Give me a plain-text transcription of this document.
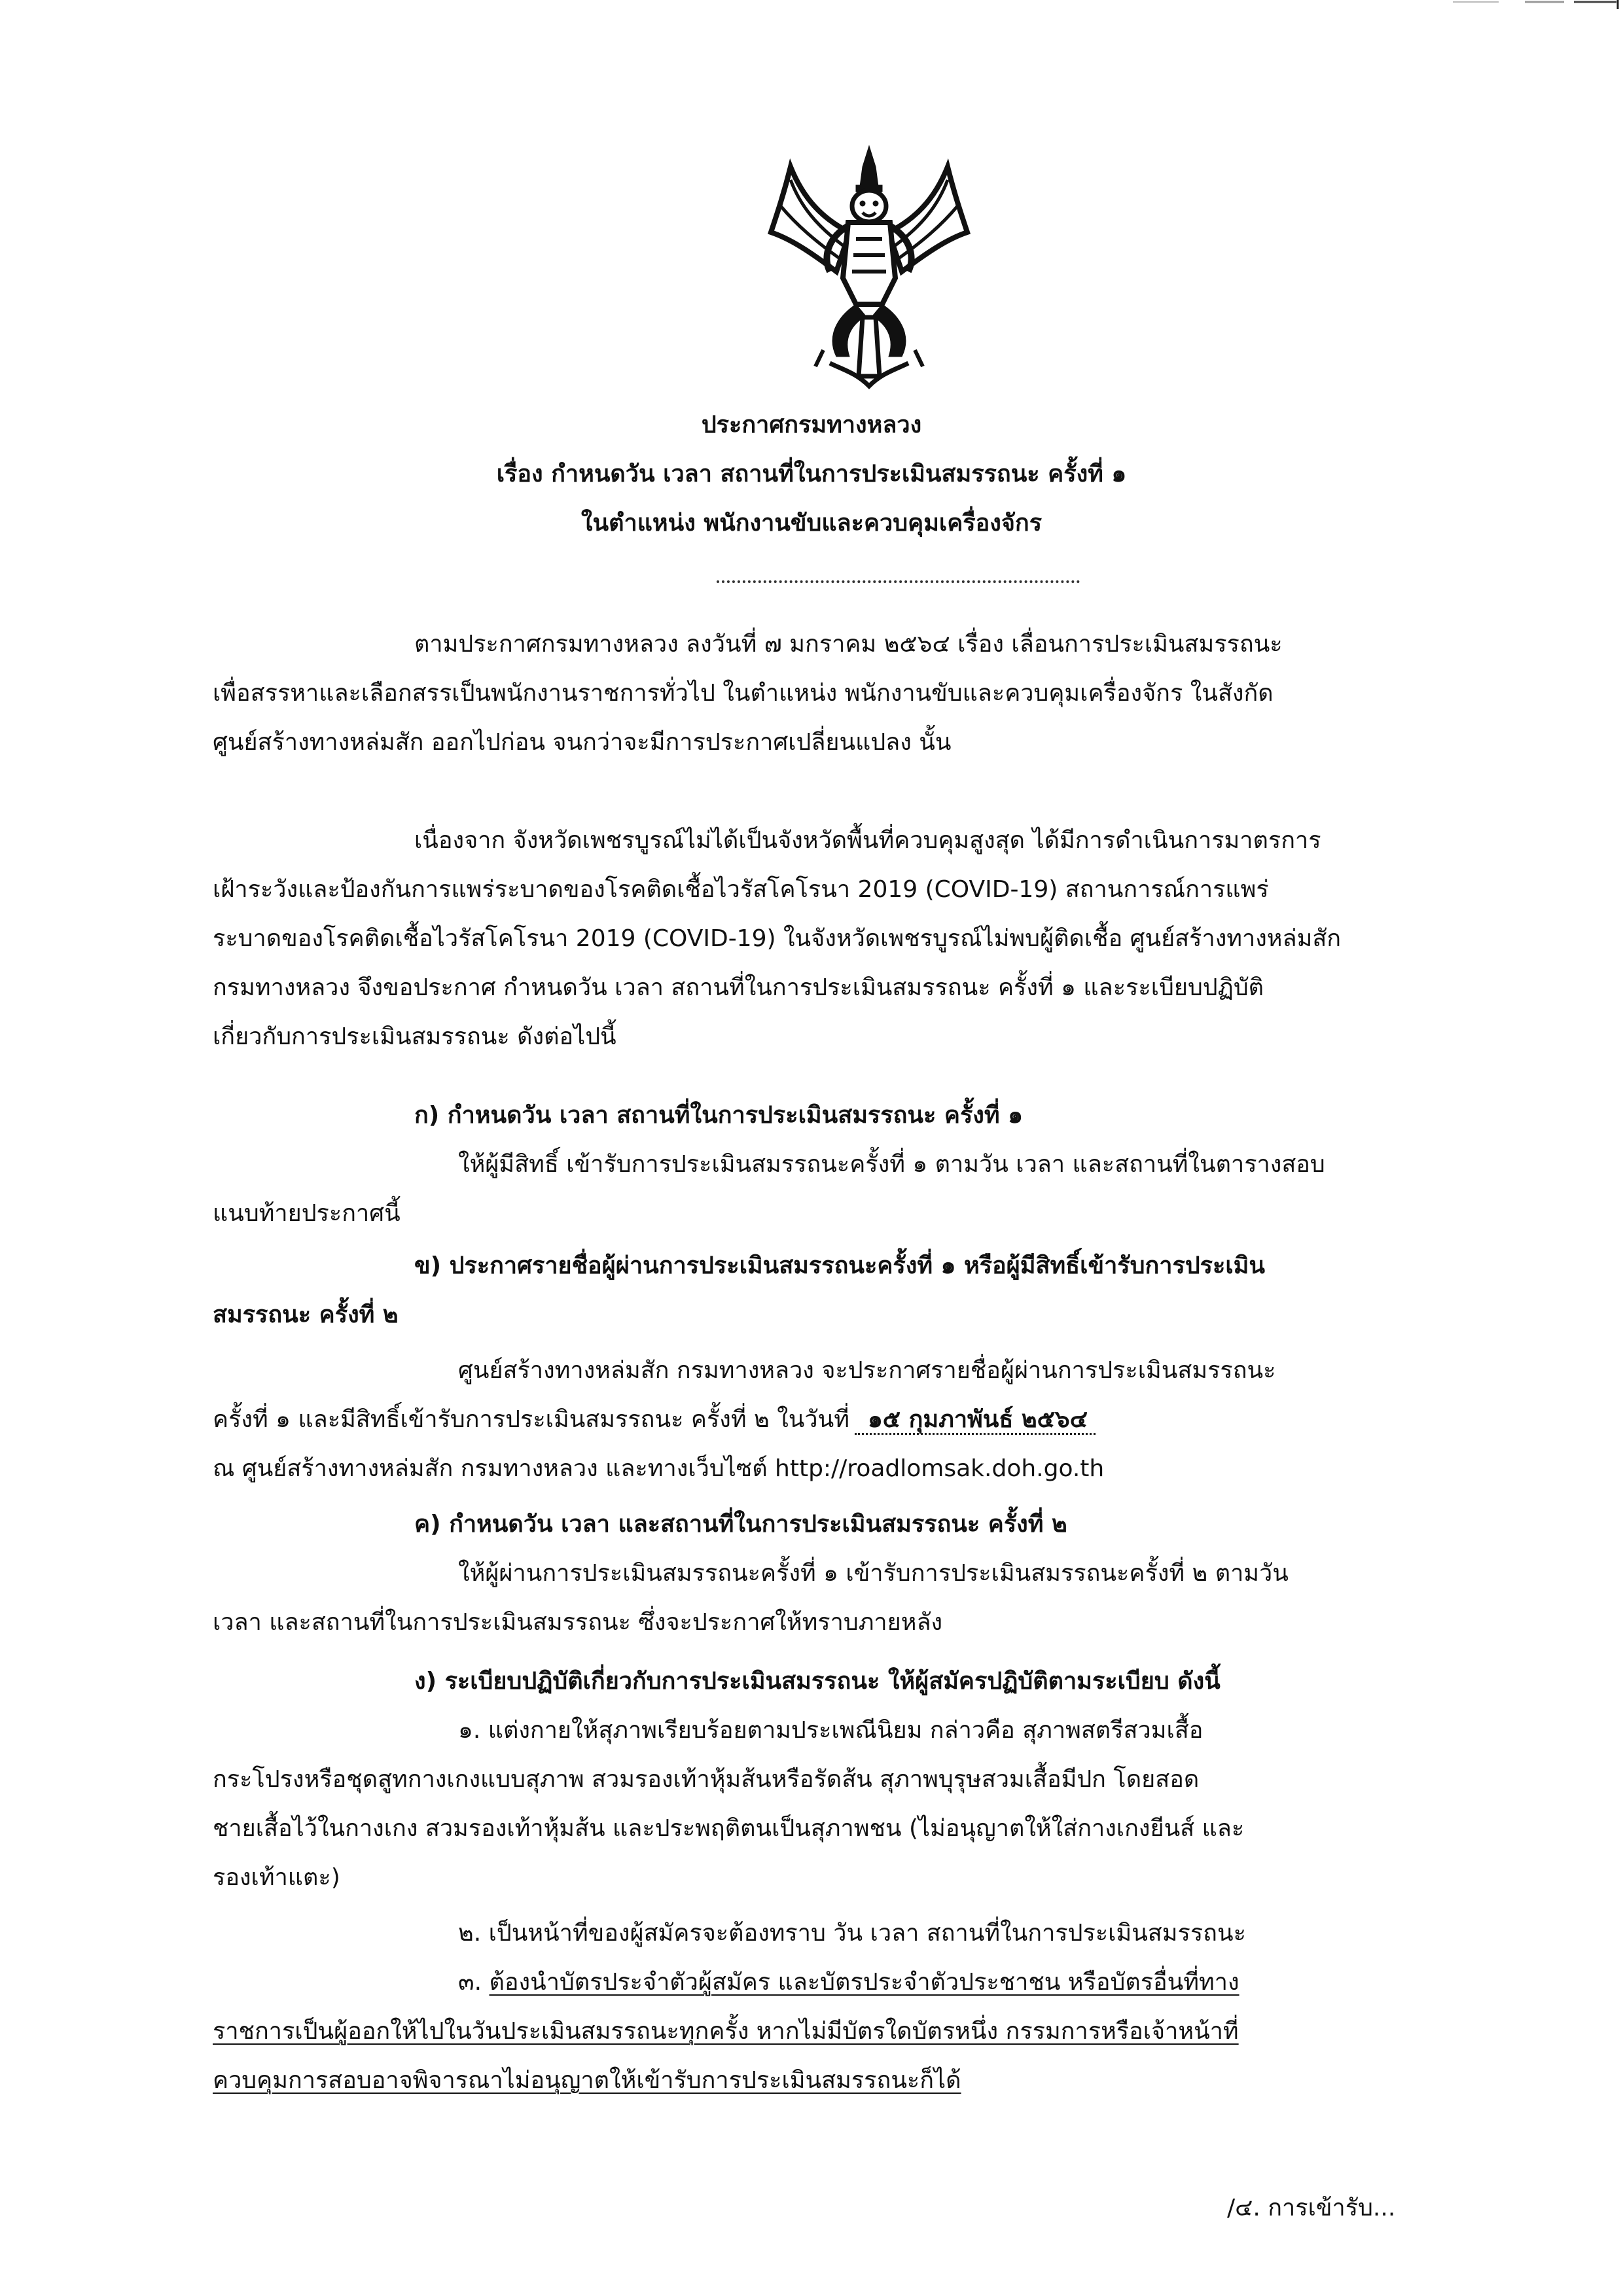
ประกาศกรมทางหลวง
เรื่อง กำหนดวัน เวลา สถานที่ในการประเมินสมรรถนะ ครั้งที่ ๑
ในตำแหน่ง พนักงานขับและควบคุมเครื่องจักร
ตามประกาศกรมทางหลวง ลงวันที่ ๗ มกราคม ๒๕๖๔ เรื่อง เลื่อนการประเมินสมรรถนะ
เพื่อสรรหาและเลือกสรรเป็นพนักงานราชการทั่วไป ในตำแหน่ง พนักงานขับและควบคุมเครื่องจักร ในสังกัด
ศูนย์สร้างทางหล่มสัก ออกไปก่อน จนกว่าจะมีการประกาศเปลี่ยนแปลง นั้น
เนื่องจาก จังหวัดเพชรบูรณ์ไม่ได้เป็นจังหวัดพื้นที่ควบคุมสูงสุด ได้มีการดำเนินการมาตรการ
เฝ้าระวังและป้องกันการแพร่ระบาดของโรคติดเชื้อไวรัสโคโรนา 2019 (COVID-19) สถานการณ์การแพร่
ระบาดของโรคติดเชื้อไวรัสโคโรนา 2019 (COVID-19) ในจังหวัดเพชรบูรณ์ไม่พบผู้ติดเชื้อ ศูนย์สร้างทางหล่มสัก
กรมทางหลวง จึงขอประกาศ กำหนดวัน เวลา สถานที่ในการประเมินสมรรถนะ ครั้งที่ ๑ และระเบียบปฏิบัติ
เกี่ยวกับการประเมินสมรรถนะ ดังต่อไปนี้
ก) กำหนดวัน เวลา สถานที่ในการประเมินสมรรถนะ ครั้งที่ ๑
ให้ผู้มีสิทธิ์ เข้ารับการประเมินสมรรถนะครั้งที่ ๑ ตามวัน เวลา และสถานที่ในตารางสอบ
แนบท้ายประกาศนี้
ข) ประกาศรายชื่อผู้ผ่านการประเมินสมรรถนะครั้งที่ ๑ หรือผู้มีสิทธิ์เข้ารับการประเมิน
สมรรถนะ ครั้งที่ ๒
ศูนย์สร้างทางหล่มสัก กรมทางหลวง จะประกาศรายชื่อผู้ผ่านการประเมินสมรรถนะ
ครั้งที่ ๑ และมีสิทธิ์เข้ารับการประเมินสมรรถนะ ครั้งที่ ๒ ในวันที่ ๑๕ กุมภาพันธ์ ๒๕๖๔
ณ ศูนย์สร้างทางหล่มสัก กรมทางหลวง และทางเว็บไซต์ http://roadlomsak.doh.go.th
ค) กำหนดวัน เวลา และสถานที่ในการประเมินสมรรถนะ ครั้งที่ ๒
ให้ผู้ผ่านการประเมินสมรรถนะครั้งที่ ๑ เข้ารับการประเมินสมรรถนะครั้งที่ ๒ ตามวัน
เวลา และสถานที่ในการประเมินสมรรถนะ ซึ่งจะประกาศให้ทราบภายหลัง
ง) ระเบียบปฏิบัติเกี่ยวกับการประเมินสมรรถนะ ให้ผู้สมัครปฏิบัติตามระเบียบ ดังนี้
๑. แต่งกายให้สุภาพเรียบร้อยตามประเพณีนิยม กล่าวคือ สุภาพสตรีสวมเสื้อ
กระโปรงหรือชุดสูทกางเกงแบบสุภาพ สวมรองเท้าหุ้มส้นหรือรัดส้น สุภาพบุรุษสวมเสื้อมีปก โดยสอด
ชายเสื้อไว้ในกางเกง สวมรองเท้าหุ้มส้น และประพฤติตนเป็นสุภาพชน (ไม่อนุญาตให้ใส่กางเกงยีนส์ และ
รองเท้าแตะ)
๒. เป็นหน้าที่ของผู้สมัครจะต้องทราบ วัน เวลา สถานที่ในการประเมินสมรรถนะ
๓. ต้องนำบัตรประจำตัวผู้สมัคร และบัตรประจำตัวประชาชน หรือบัตรอื่นที่ทาง
ราชการเป็นผู้ออกให้ไปในวันประเมินสมรรถนะทุกครั้ง หากไม่มีบัตรใดบัตรหนึ่ง กรรมการหรือเจ้าหน้าที่
ควบคุมการสอบอาจพิจารณาไม่อนุญาตให้เข้ารับการประเมินสมรรถนะก็ได้
/๔. การเข้ารับ...
